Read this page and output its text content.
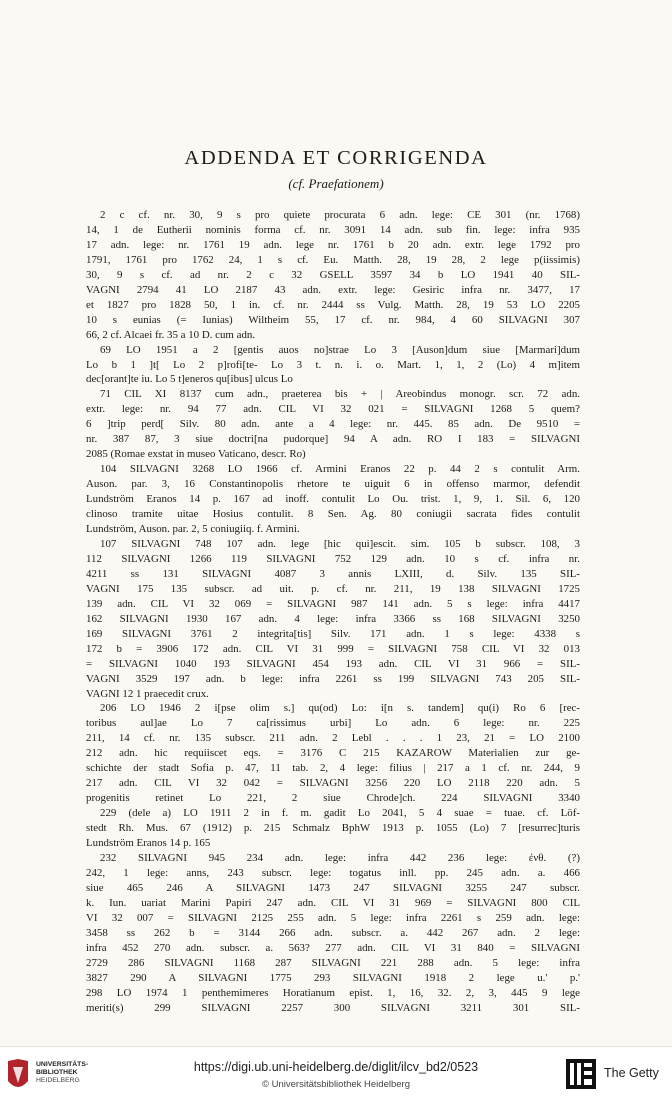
ADDENDA ET CORRIGENDA
(cf. Praefationem)
2 c cf. nr. 30, 9 s pro quiete procurata 6 adn. lege: CE 301 (nr. 1768)
14, 1 de Eutherii nominis forma cf. nr. 3091 14 adn. sub fin. lege: infra 935
17 adn. lege: nr. 1761 19 adn. lege nr. 1761 b 20 adn. extr. lege 1792 pro
1791, 1761 pro 1762 24, 1 s cf. Eu. Matth. 28, 19 28, 2 lege p(iissimis)
30, 9 s cf. ad nr. 2 c 32 GSELL 3597 34 b LO 1941 40 SIL-
VAGNI 2794 41 LO 2187 43 adn. extr. lege: Gesiric infra nr. 3477, 17
et 1827 pro 1828 50, 1 in. cf. nr. 2444 ss Vulg. Matth. 28, 19 53 LO 2205
10 s eunias (= Iunias) Wiltheim 55, 17 cf. nr. 984, 4 60 SILVAGNI 307
66, 2 cf. Alcaei fr. 35 a 10 D. cum adn.
69 LO 1951 a 2 [gentis auos no]strae Lo 3 [Auson]dum siue [Marmari]dum
Lo b 1 ]t[ Lo 2 p]rofi[te- Lo 3 t. n. i. o. Mart. 1, 1, 2 (Lo) 4 m]item
dec[orant]te iu. Lo 5 t]eneros qu[ibus] ulcus Lo
71 CIL XI 8137 cum adn., praeterea bis + | Areobindus monogr. scr. 72 adn.
extr. lege: nr. 94 77 adn. CIL VI 32 021 = SILVAGNI 1268 5 quem?
6 ]trip perd[ Silv. 80 adn. ante a 4 lege: nr. 445. 85 adn. De 9510 =
nr. 387 87, 3 siue doctri[na pudorque] 94 A adn. RO I 183 = SILVAGNI
2085 (Romae exstat in museo Vaticano, descr. Ro)
104 SILVAGNI 3268 LO 1966 cf. Armini Eranos 22 p. 44 2 s contulit Arm.
Auson. par. 3, 16 Constantinopolis rhetore te uiguit 6 in offenso marmor, defendit
Lundström Eranos 14 p. 167 ad inoff. contulit Lo Ou. trist. 1, 9, 1. Sil. 6, 120
clinoso tramite uitae Hosius contulit. 8 Sen. Ag. 80 coniugii sacrata fides contulit
Lundström, Auson. par. 2, 5 coniugiiq. f. Armini.
107 SILVAGNI 748 107 adn. lege [hic qui]escit. sim. 105 b subscr. 108, 3
112 SILVAGNI 1266 119 SILVAGNI 752 129 adn. 10 s cf. infra nr.
4211 ss 131 SILVAGNI 4087 3 annis LXIII, d. Silv. 135 SIL-
VAGNI 175 135 subscr. ad uit. p. cf. nr. 211, 19 138 SILVAGNI 1725
139 adn. CIL VI 32 069 = SILVAGNI 987 141 adn. 5 s lege: infra 4417
162 SILVAGNI 1930 167 adn. 4 lege: infra 3366 ss 168 SILVAGNI 3250
169 SILVAGNI 3761 2 integrita[tis] Silv. 171 adn. 1 s lege: 4338 s
172 b = 3906 172 adn. CIL VI 31 999 = SILVAGNI 758 CIL VI 32 013
= SILVAGNI 1040 193 SILVAGNI 454 193 adn. CIL VI 31 966 = SIL-
VAGNI 3529 197 adn. b lege: infra 2261 ss 199 SILVAGNI 743 205 SIL-
VAGNI 12 1 praecedit crux.
206 LO 1946 2 i[pse olim s.] qu(od) Lo: i[n s. tandem] qu(i) Ro 6 [rec-
toribus aul]ae Lo 7 ca[rissimus urbi] Lo adn. 6 lege: nr. 225
211, 14 cf. nr. 135 subscr. 211 adn. 2 Lebl . . . 1 23, 21 = LO 2100
212 adn. hic requiiscet eqs. = 3176 C 215 KAZAROW Materialien zur ge-
schichte der stadt Sofia p. 47, 11 tab. 2, 4 lege: filius | 217 a 1 cf. nr. 244, 9
217 adn. CIL VI 32 042 = SILVAGNI 3256 220 LO 2118 220 adn. 5
progenitis retinet Lo 221, 2 siue Chrode]ch. 224 SILVAGNI 3340
229 (dele a) LO 1911 2 in f. m. gadit Lo 2041, 5 4 suae = tuae. cf. Löf-
stedt Rh. Mus. 67 (1912) p. 215 Schmalz BphW 1913 p. 1055 (Lo) 7 [resurrec]turis
Lundström Eranos 14 p. 165
232 SILVAGNI 945 234 adn. lege: infra 442 236 lege: ἐνθ. (?)
242, 1 lege: anns, 243 subscr. lege: togatus inll. pp. 245 adn. a. 466
siue 465 246 A SILVAGNI 1473 247 SILVAGNI 3255 247 subscr.
k. Iun. uariat Marini Papiri 247 adn. CIL VI 31 969 = SILVAGNI 800 CIL
VI 32 007 = SILVAGNI 2125 255 adn. 5 lege: infra 2261 s 259 adn. lege:
3458 ss 262 b = 3144 266 adn. subscr. a. 442 267 adn. 2 lege:
infra 452 270 adn. subscr. a. 563? 277 adn. CIL VI 31 840 = SILVAGNI
2729 286 SILVAGNI 1168 287 SILVAGNI 221 288 adn. 5 lege: infra
3827 290 A SILVAGNI 1775 293 SILVAGNI 1918 2 lege u.' p.'
298 LO 1974 1 penthemimeres Horatianum epist. 1, 16, 32. 2, 3, 445 9 lege
meriti(s) 299 SILVAGNI 2257 300 SILVAGNI 3211 301 SIL-
UNIVERSITÄTS-
BIBLIOTHEK
HEIDELBERG
https://digi.ub.uni-heidelberg.de/diglit/ilcv_bd2/0523
© Universitätsbibliothek Heidelberg
The Getty
